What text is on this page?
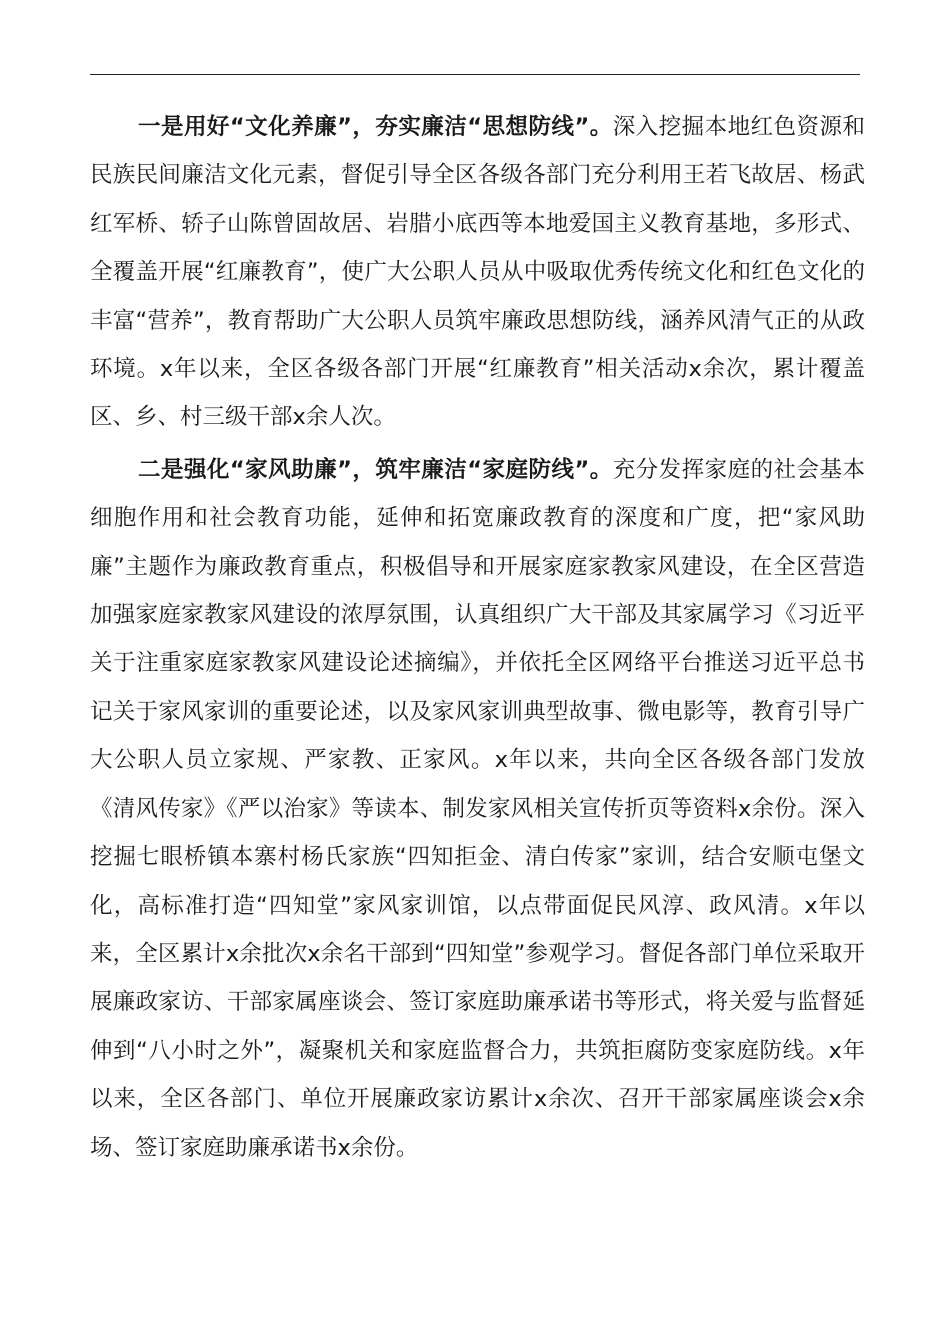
一是用好“文化养廉”，夯实廉洁“思想防线”。深入挖掘本地红色资源和民族民间廉洁文化元素，督促引导全区各级各部门充分利用王若飞故居、杨武红军桥、轿子山陈曾固故居、岩腊小底西等本地爱国主义教育基地，多形式、全覆盖开展“红廉教育”，使广大公职人员从中吸取优秀传统文化和红色文化的丰富“营养”，教育帮助广大公职人员筑牢廉政思想防线，涵养风清气正的从政环境。x年以来，全区各级各部门开展“红廉教育”相关活动x余次，累计覆盖区、乡、村三级干部x余人次。

二是强化“家风助廉”，筑牢廉洁“家庭防线”。充分发挥家庭的社会基本细胞作用和社会教育功能，延伸和拓宽廉政教育的深度和广度，把“家风助廉”主题作为廉政教育重点，积极倡导和开展家庭家教家风建设，在全区营造加强家庭家教家风建设的浓厚氛围，认真组织广大干部及其家属学习《习近平关于注重家庭家教家风建设论述摘编》，并依托全区网络平台推送习近平总书记关于家风家训的重要论述，以及家风家训典型故事、微电影等，教育引导广大公职人员立家规、严家教、正家风。x年以来，共向全区各级各部门发放《清风传家》《严以治家》等读本、制发家风相关宣传折页等资料x余份。深入挖掘七眼桥镇本寨村杨氏家族“四知拒金、清白传家”家训，结合安顺屯堡文化，高标准打造“四知堂”家风家训馆，以点带面促民风淳、政风清。x年以来，全区累计x余批次x余名干部到“四知堂”参观学习。督促各部门单位采取开展廉政家访、干部家属座谈会、签订家庭助廉承诺书等形式，将关爱与监督延伸到“八小时之外”，凝聚机关和家庭监督合力，共筑拒腐防变家庭防线。x年以来，全区各部门、单位开展廉政家访累计x余次、召开干部家属座谈会x余场、签订家庭助廉承诺书x余份。
